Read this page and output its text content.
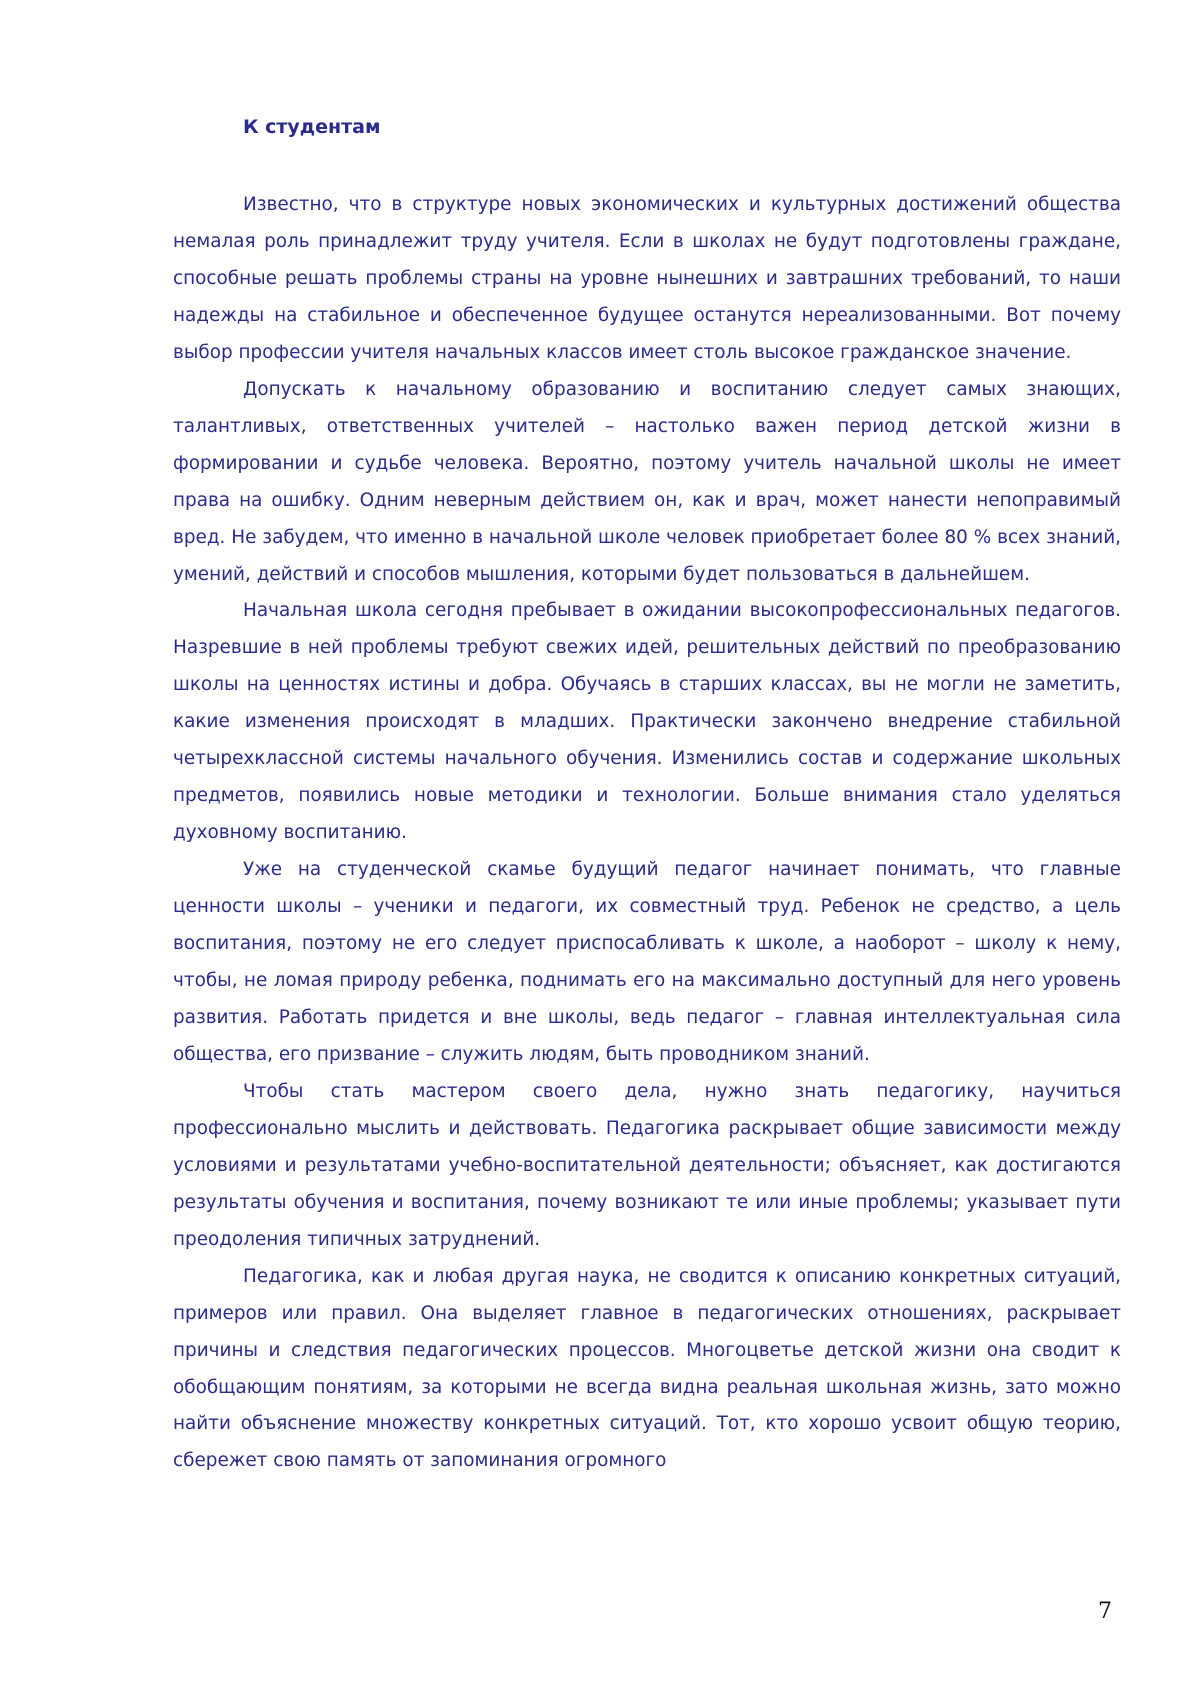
К студентам

Известно, что в структуре новых экономических и культурных достижений общества немалая роль принадлежит труду учителя. Если в школах не будут подготовлены граждане, способные решать проблемы страны на уровне нынешних и завтрашних требований, то наши надежды на стабильное и обеспеченное будущее останутся нереализованными. Вот почему выбор профессии учителя начальных классов имеет столь высокое гражданское значение.

Допускать к начальному образованию и воспитанию следует самых знающих, талантливых, ответственных учителей – настолько важен период детской жизни в формировании и судьбе человека. Вероятно, поэтому учитель начальной школы не имеет права на ошибку. Одним неверным действием он, как и врач, может нанести непоправимый вред. Не забудем, что именно в начальной школе человек приобретает более 80 % всех знаний, умений, действий и способов мышления, которыми будет пользоваться в дальнейшем.

Начальная школа сегодня пребывает в ожидании высокопрофессиональных педагогов. Назревшие в ней проблемы требуют свежих идей, решительных действий по преобразованию школы на ценностях истины и добра. Обучаясь в старших классах, вы не могли не заметить, какие изменения происходят в младших. Практически закончено внедрение стабильной четырехклассной системы начального обучения. Изменились состав и содержание школьных предметов, появились новые методики и технологии. Больше внимания стало уделяться духовному воспитанию.

Уже на студенческой скамье будущий педагог начинает понимать, что главные ценности школы – ученики и педагоги, их совместный труд. Ребенок не средство, а цель воспитания, поэтому не его следует приспосабливать к школе, а наоборот – школу к нему, чтобы, не ломая природу ребенка, поднимать его на максимально доступный для него уровень развития. Работать придется и вне школы, ведь педагог – главная интеллектуальная сила общества, его призвание – служить людям, быть проводником знаний.

Чтобы стать мастером своего дела, нужно знать педагогику, научиться профессионально мыслить и действовать. Педагогика раскрывает общие зависимости между условиями и результатами учебно-воспитательной деятельности; объясняет, как достигаются результаты обучения и воспитания, почему возникают те или иные проблемы; указывает пути преодоления типичных затруднений.

Педагогика, как и любая другая наука, не сводится к описанию конкретных ситуаций, примеров или правил. Она выделяет главное в педагогических отношениях, раскрывает причины и следствия педагогических процессов. Многоцветье детской жизни она сводит к обобщающим понятиям, за которыми не всегда видна реальная школьная жизнь, зато можно найти объяснение множеству конкретных ситуаций. Тот, кто хорошо усвоит общую теорию, сбережет свою память от запоминания огромного

7
